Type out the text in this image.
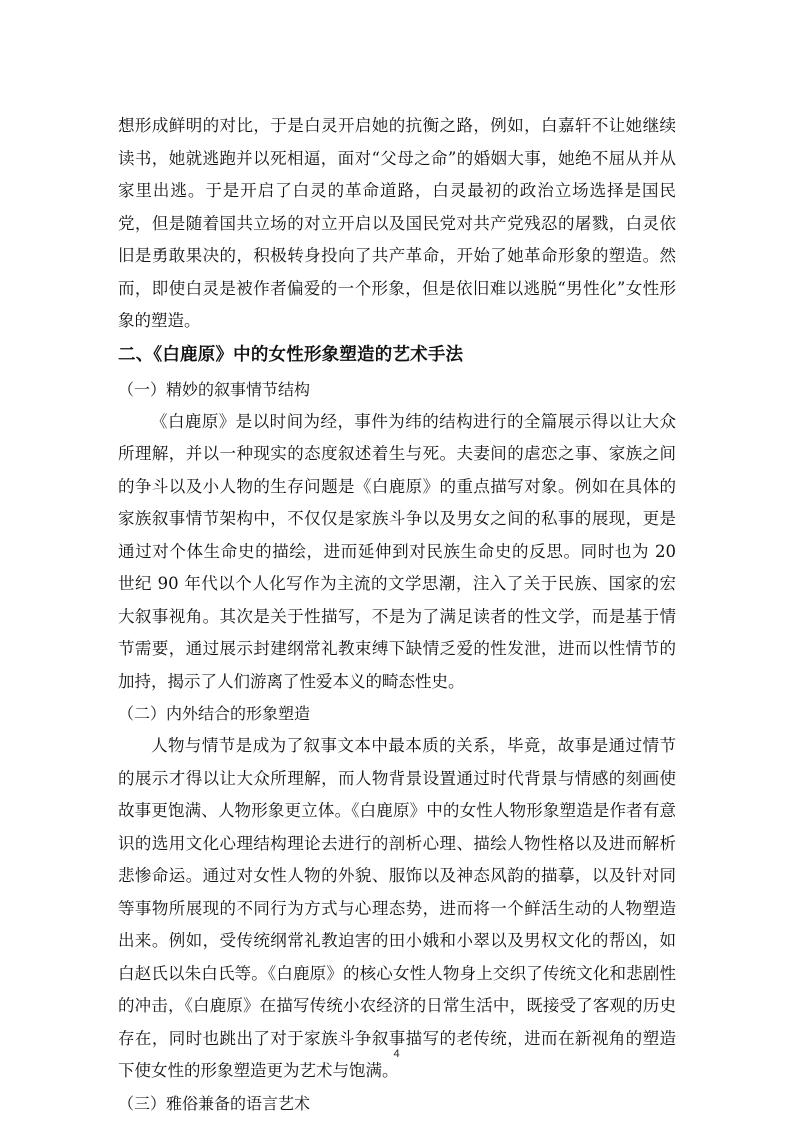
想形成鲜明的对比，于是白灵开启她的抗衡之路，例如，白嘉轩不让她继续读书，她就逃跑并以死相逼，面对“父母之命”的婚姻大事，她绝不屈从并从家里出逃。于是开启了白灵的革命道路，白灵最初的政治立场选择是国民党，但是随着国共立场的对立开启以及国民党对共产党残忍的屠戮，白灵依旧是勇敢果决的，积极转身投向了共产革命，开始了她革命形象的塑造。然而，即使白灵是被作者偏爱的一个形象，但是依旧难以逃脱“男性化”女性形象的塑造。

二、《白鹿原》中的女性形象塑造的艺术手法
（一）精妙的叙事情节结构

《白鹿原》是以时间为经，事件为纬的结构进行的全篇展示得以让大众所理解，并以一种现实的态度叙述着生与死。夫妻间的虐恋之事、家族之间的争斗以及小人物的生存问题是《白鹿原》的重点描写对象。例如在具体的家族叙事情节架构中，不仅仅是家族斗争以及男女之间的私事的展现，更是通过对个体生命史的描绘，进而延伸到对民族生命史的反思。同时也为 20 世纪 90 年代以个人化写作为主流的文学思潮，注入了关于民族、国家的宏大叙事视角。其次是关于性描写，不是为了满足读者的性文学，而是基于情节需要，通过展示封建纲常礼教束缚下缺情乏爱的性发泄，进而以性情节的加持，揭示了人们游离了性爱本义的畸态性史。

（二）内外结合的形象塑造

人物与情节是成为了叙事文本中最本质的关系，毕竟，故事是通过情节的展示才得以让大众所理解，而人物背景设置通过时代背景与情感的刻画使故事更饱满、人物形象更立体。《白鹿原》中的女性人物形象塑造是作者有意识的选用文化心理结构理论去进行的剖析心理、描绘人物性格以及进而解析悲惨命运。通过对女性人物的外貌、服饰以及神态风韵的描摹，以及针对同等事物所展现的不同行为方式与心理态势，进而将一个鲜活生动的人物塑造出来。例如，受传统纲常礼教迫害的田小娥和小翠以及男权文化的帮凶，如白赵氏以朱白氏等。《白鹿原》的核心女性人物身上交织了传统文化和悲剧性的冲击，《白鹿原》在描写传统小农经济的日常生活中，既接受了客观的历史存在，同时也跳出了对于家族斗争叙事描写的老传统，进而在新视角的塑造下使女性的形象塑造更为艺术与饱满。

（三）雅俗兼备的语言艺术
4
